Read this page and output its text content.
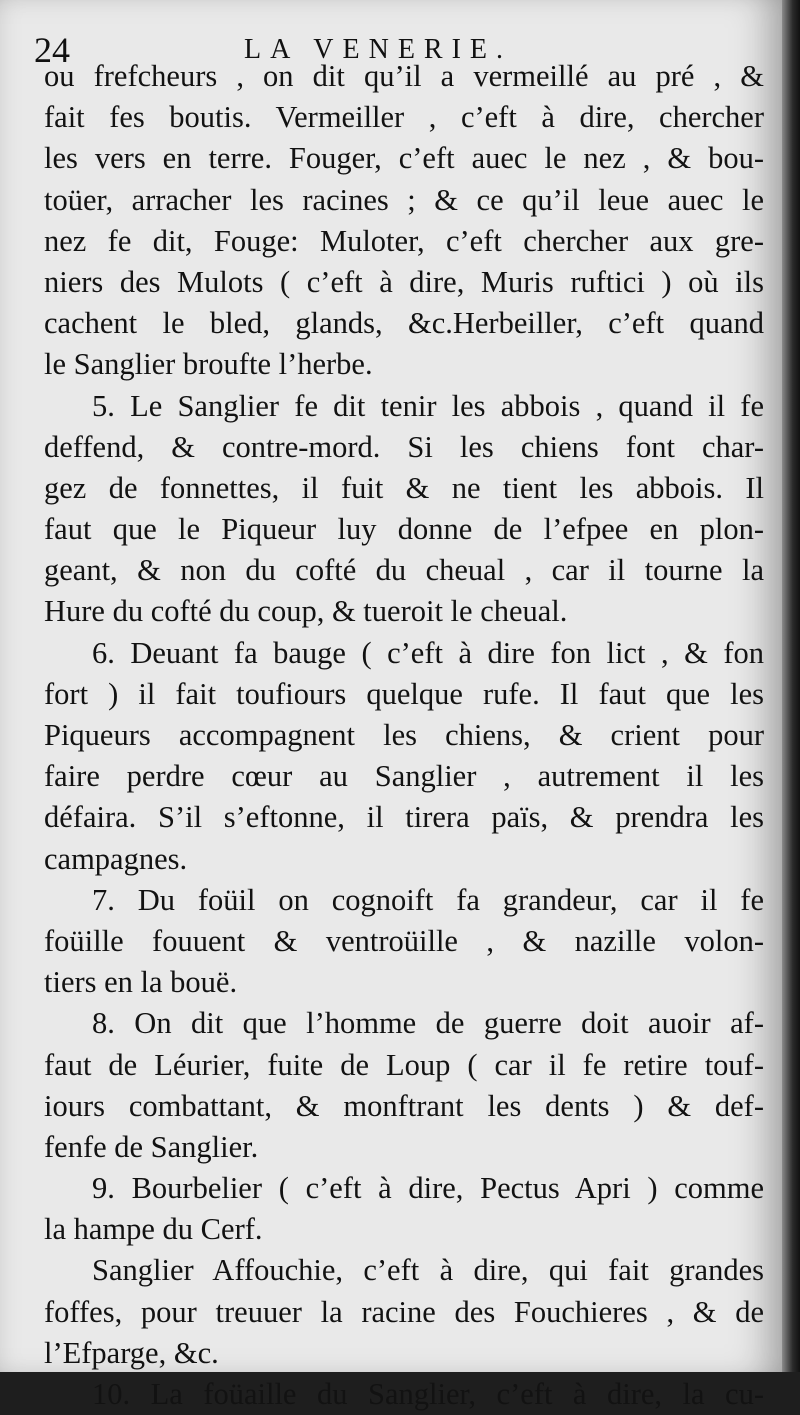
24	LA VENERIE.
ou frefcheurs , on dit qu’il a vermeillé au pré , &
fait fes boutis. Vermeiller , c’eft à dire, chercher
les vers en terre. Fouger, c’eft auec le nez , & bou-
toüer, arracher les racines ; & ce qu’il leue auec le
nez fe dit, Fouge: Muloter, c’eft chercher aux gre-
niers des Mulots ( c’eft à dire, Muris ruftici ) où ils
cachent le bled, glands, &c.Herbeiller, c’eft quand
le Sanglier broufte l’herbe.
5. Le Sanglier fe dit tenir les abbois , quand il fe
deffend, & contre-mord. Si les chiens font char-
gez de fonnettes, il fuit & ne tient les abbois. Il
faut que le Piqueur luy donne de l’efpee en plon-
geant, & non du cofté du cheual , car il tourne la
Hure du cofté du coup, & tueroit le cheual.
6. Deuant fa bauge ( c’eft à dire fon lict , & fon
fort ) il fait toufiours quelque rufe. Il faut que les
Piqueurs accompagnent les chiens, & crient pour
faire perdre cœur au Sanglier , autrement il les
défaira. S’il s’eftonne, il tirera païs, & prendra les
campagnes.
7. Du foüil on cognoift fa grandeur, car il fe
foüille fouuent & ventroüille , & nazille volon-
tiers en la bouë.
8. On dit que l’homme de guerre doit auoir af-
faut de Léurier, fuite de Loup ( car il fe retire touf-
iours combattant, & monftrant les dents ) & def-
fenfe de Sanglier.
9. Bourbelier ( c’eft à dire, Pectus Apri ) comme
la hampe du Cerf.
Sanglier Affouchie, c’eft à dire, qui fait grandes
foffes, pour treuuer la racine des Fouchieres , & de
l’Efparge, &c.
10. La foüaille du Sanglier, c’eft à dire, la cu-
